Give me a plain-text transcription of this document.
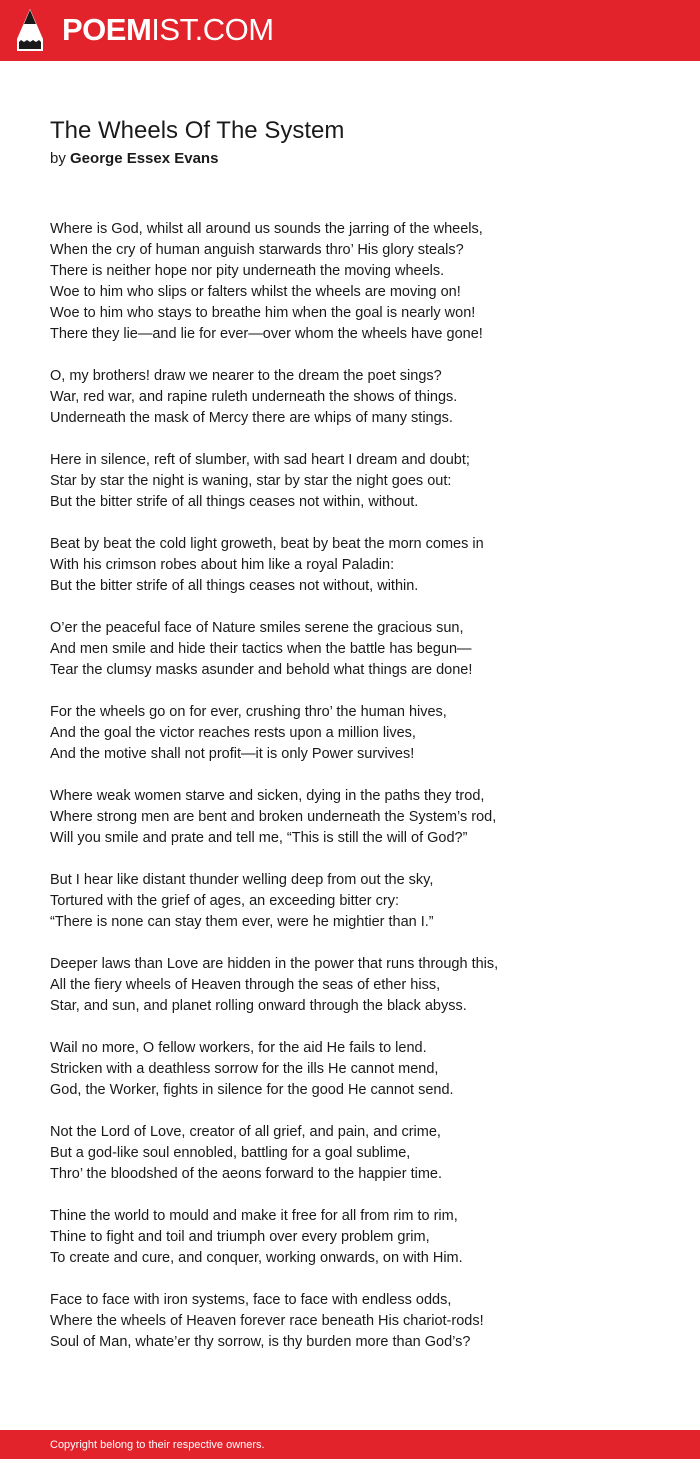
POEMIST.COM
The Wheels Of The System
by George Essex Evans
Where is God, whilst all around us sounds the jarring of the wheels,
When the cry of human anguish starwards thro’ His glory steals?
There is neither hope nor pity underneath the moving wheels.
Woe to him who slips or falters whilst the wheels are moving on!
Woe to him who stays to breathe him when the goal is nearly won!
There they lie—and lie for ever—over whom the wheels have gone!
O, my brothers! draw we nearer to the dream the poet sings?
War, red war, and rapine ruleth underneath the shows of things.
Underneath the mask of Mercy there are whips of many stings.
Here in silence, reft of slumber, with sad heart I dream and doubt;
Star by star the night is waning, star by star the night goes out:
But the bitter strife of all things ceases not within, without.
Beat by beat the cold light groweth, beat by beat the morn comes in
With his crimson robes about him like a royal Paladin:
But the bitter strife of all things ceases not without, within.
O’er the peaceful face of Nature smiles serene the gracious sun,
And men smile and hide their tactics when the battle has begun—
Tear the clumsy masks asunder and behold what things are done!
For the wheels go on for ever, crushing thro’ the human hives,
And the goal the victor reaches rests upon a million lives,
And the motive shall not profit—it is only Power survives!
Where weak women starve and sicken, dying in the paths they trod,
Where strong men are bent and broken underneath the System’s rod,
Will you smile and prate and tell me, “This is still the will of God?”
But I hear like distant thunder welling deep from out the sky,
Tortured with the grief of ages, an exceeding bitter cry:
“There is none can stay them ever, were he mightier than I.”
Deeper laws than Love are hidden in the power that runs through this,
All the fiery wheels of Heaven through the seas of ether hiss,
Star, and sun, and planet rolling onward through the black abyss.
Wail no more, O fellow workers, for the aid He fails to lend.
Stricken with a deathless sorrow for the ills He cannot mend,
God, the Worker, fights in silence for the good He cannot send.
Not the Lord of Love, creator of all grief, and pain, and crime,
But a god-like soul ennobled, battling for a goal sublime,
Thro’ the bloodshed of the aeons forward to the happier time.
Thine the world to mould and make it free for all from rim to rim,
Thine to fight and toil and triumph over every problem grim,
To create and cure, and conquer, working onwards, on with Him.
Face to face with iron systems, face to face with endless odds,
Where the wheels of Heaven forever race beneath His chariot-rods!
Soul of Man, whate’er thy sorrow, is thy burden more than God’s?
Copyright belong to their respective owners.
